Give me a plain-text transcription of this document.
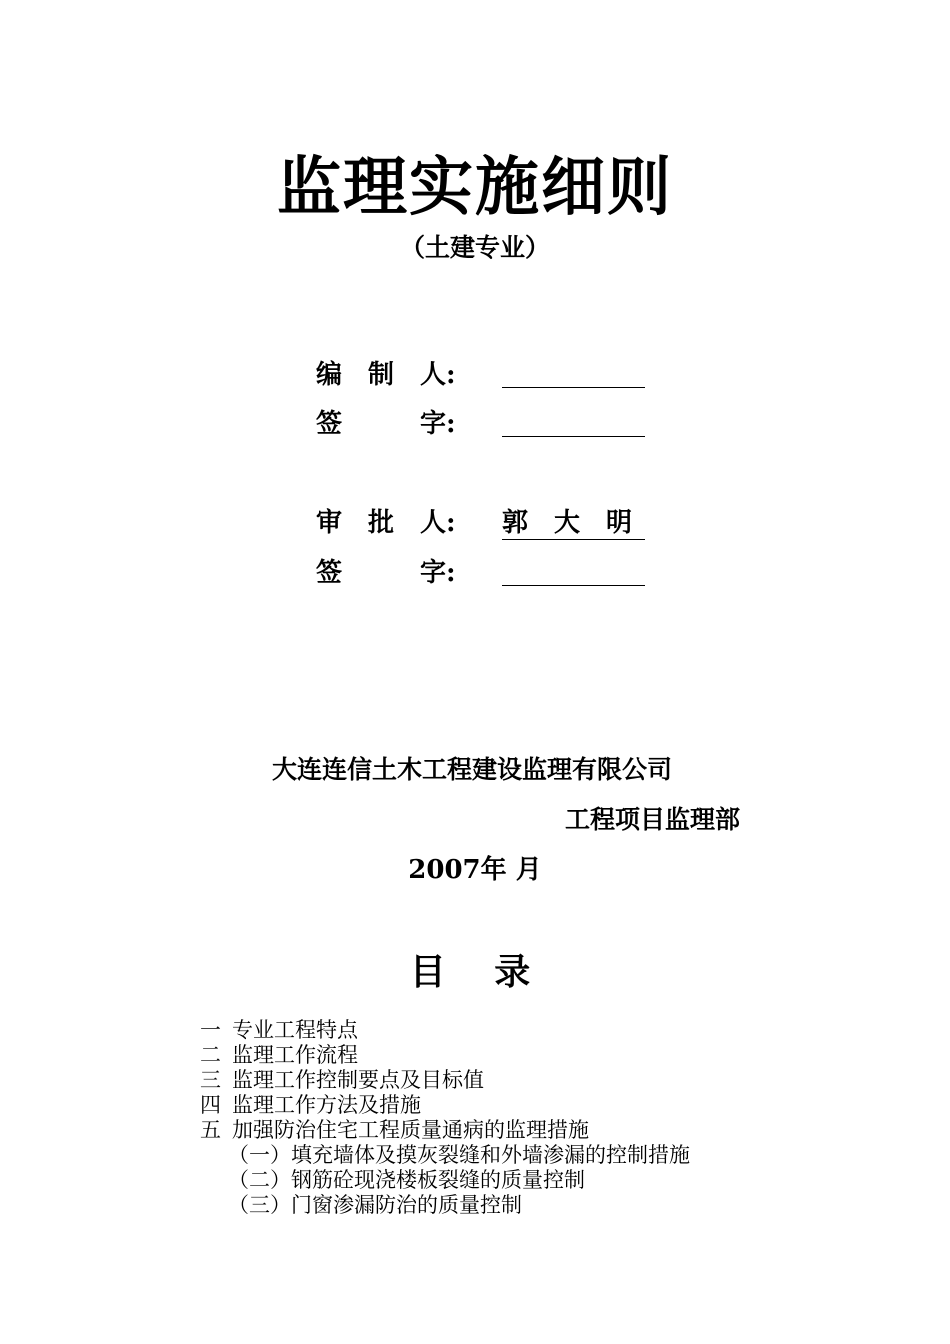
监理实施细则
（土建专业）
编　制　人:
签　　　字:
审　批　人:	郭　大　明
签　　　字:
大连连信土木工程建设监理有限公司
工程项目监理部
2007年 月
目 录
一 专业工程特点
二 监理工作流程
三 监理工作控制要点及目标值
四 监理工作方法及措施
五 加强防治住宅工程质量通病的监理措施
（一）填充墙体及摸灰裂缝和外墙渗漏的控制措施
（二）钢筋砼现浇楼板裂缝的质量控制
（三）门窗渗漏防治的质量控制
